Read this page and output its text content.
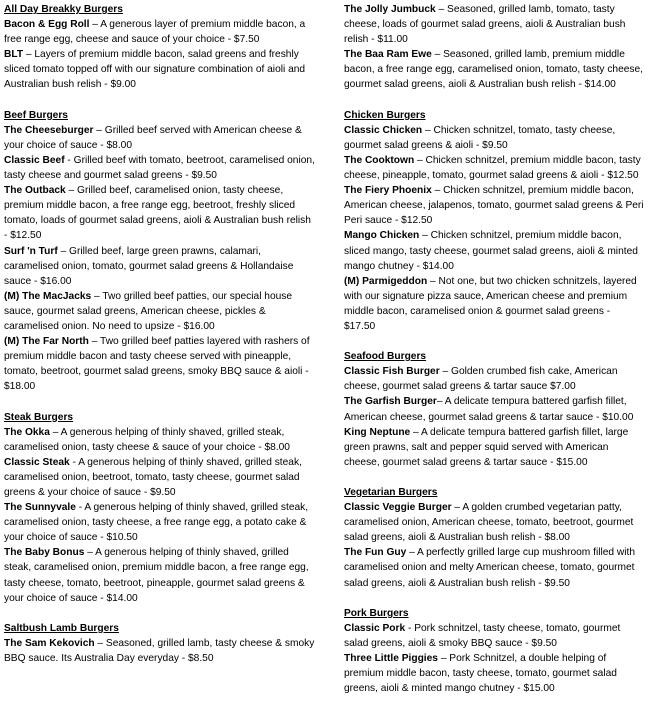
All Day Breakky Burgers
Bacon & Egg Roll – A generous layer of premium middle bacon, a free range egg, cheese and sauce of your choice - $7.50
BLT – Layers of premium middle bacon, salad greens and freshly sliced tomato topped off with our signature combination of aioli and Australian bush relish - $9.00
Beef Burgers
The Cheeseburger – Grilled beef served with American cheese & your choice of sauce - $8.00
Classic Beef - Grilled beef with tomato, beetroot, caramelised onion, tasty cheese and gourmet salad greens - $9.50
The Outback – Grilled beef, caramelised onion, tasty cheese, premium middle bacon, a free range egg, beetroot, freshly sliced tomato, loads of gourmet salad greens, aioli & Australian bush relish - $12.50
Surf 'n Turf – Grilled beef, large green prawns, calamari, caramelised onion, tomato, gourmet salad greens & Hollandaise sauce - $16.00
(M) The MacJacks – Two grilled beef patties, our special house sauce, gourmet salad greens, American cheese, pickles & caramelised onion. No need to upsize - $16.00
(M) The Far North – Two grilled beef patties layered with rashers of premium middle bacon and tasty cheese served with pineapple, tomato, beetroot, gourmet salad greens, smoky BBQ sauce & aioli - $18.00
Steak Burgers
The Okka – A generous helping of thinly shaved, grilled steak, caramelised onion, tasty cheese & sauce of your choice - $8.00
Classic Steak - A generous helping of thinly shaved, grilled steak, caramelised onion, beetroot, tomato, tasty cheese, gourmet salad greens & your choice of sauce - $9.50
The Sunnyvale - A generous helping of thinly shaved, grilled steak, caramelised onion, tasty cheese, a free range egg, a potato cake & your choice of sauce - $10.50
The Baby Bonus – A generous helping of thinly shaved, grilled steak, caramelised onion, premium middle bacon, a free range egg, tasty cheese, tomato, beetroot, pineapple, gourmet salad greens & your choice of sauce - $14.00
Saltbush Lamb Burgers
The Sam Kekovich – Seasoned, grilled lamb, tasty cheese & smoky BBQ sauce. Its Australia Day everyday - $8.50
The Jolly Jumbuck – Seasoned, grilled lamb, tomato, tasty cheese, loads of gourmet salad greens, aioli & Australian bush relish - $11.00
The Baa Ram Ewe – Seasoned, grilled lamb, premium middle bacon, a free range egg, caramelised onion, tomato, tasty cheese, gourmet salad greens, aioli & Australian bush relish - $14.00
Chicken Burgers
Classic Chicken – Chicken schnitzel, tomato, tasty cheese, gourmet salad greens & aioli - $9.50
The Cooktown – Chicken schnitzel, premium middle bacon, tasty cheese, pineapple, tomato, gourmet salad greens & aioli - $12.50
The Fiery Phoenix – Chicken schnitzel, premium middle bacon, American cheese, jalapenos, tomato, gourmet salad greens & Peri Peri sauce - $12.50
Mango Chicken – Chicken schnitzel, premium middle bacon, sliced mango, tasty cheese, gourmet salad greens, aioli & minted mango chutney - $14.00
(M) Parmigeddon – Not one, but two chicken schnitzels, layered with our signature pizza sauce, American cheese and premium middle bacon, caramelised onion & gourmet salad greens - $17.50
Seafood Burgers
Classic Fish Burger – Golden crumbed fish cake, American cheese, gourmet salad greens & tartar sauce $7.00
The Garfish Burger– A delicate tempura battered garfish fillet, American cheese, gourmet salad greens & tartar sauce - $10.00
King Neptune – A delicate tempura battered garfish fillet, large green prawns, salt and pepper squid served with American cheese, gourmet salad greens & tartar sauce - $15.00
Vegetarian Burgers
Classic Veggie Burger – A golden crumbed vegetarian patty, caramelised onion, American cheese, tomato, beetroot, gourmet salad greens, aioli & Australian bush relish - $8.00
The Fun Guy – A perfectly grilled large cup mushroom filled with caramelised onion and melty American cheese, tomato, gourmet salad greens, aioli & Australian bush relish - $9.50
Pork Burgers
Classic Pork - Pork schnitzel, tasty cheese, tomato, gourmet salad greens, aioli & smoky BBQ sauce - $9.50
Three Little Piggies – Pork Schnitzel, a double helping of premium middle bacon, tasty cheese, tomato, gourmet salad greens, aioli & minted mango chutney - $15.00
